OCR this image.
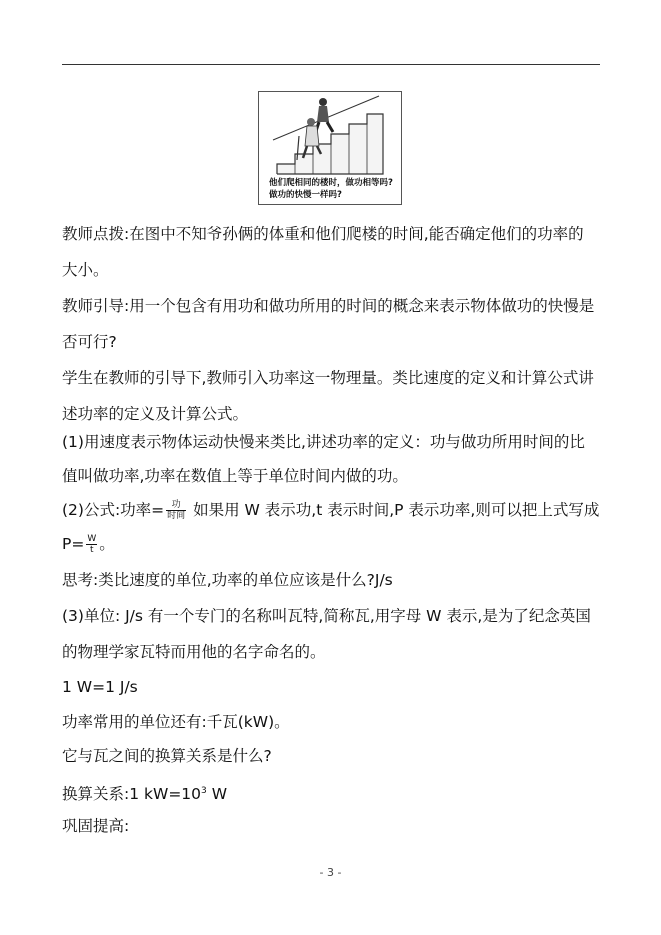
他们爬相同的楼时，做功相等吗?
做功的快慢一样吗?
教师点拨:在图中不知爷孙俩的体重和他们爬楼的时间,能否确定他们的功率的
大小。
教师引导:用一个包含有用功和做功所用的时间的概念来表示物体做功的快慢是
否可行?
学生在教师的引导下,教师引入功率这一物理量。类比速度的定义和计算公式讲
述功率的定义及计算公式。
(1)用速度表示物体运动快慢来类比,讲述功率的定义：功与做功所用时间的比
值叫做功率,功率在数值上等于单位时间内做的功。
(2)公式:功率= $\frac{\text{功}}{\text{时间}}$ 如果用 W 表示功,t 表示时间,P 表示功率,则可以把上式写成
$P= \frac{W}{t}$ 。
思考:类比速度的单位,功率的单位应该是什么?J/s
(3)单位: J/s 有一个专门的名称叫瓦特,简称瓦,用字母 W 表示,是为了纪念英国
的物理学家瓦特而用他的名字命名的。
1 W=1 J/s
功率常用的单位还有:千瓦(kW)。
它与瓦之间的换算关系是什么?
换算关系:1 $kW=10^3$ W
巩固提高:
- 3 -
